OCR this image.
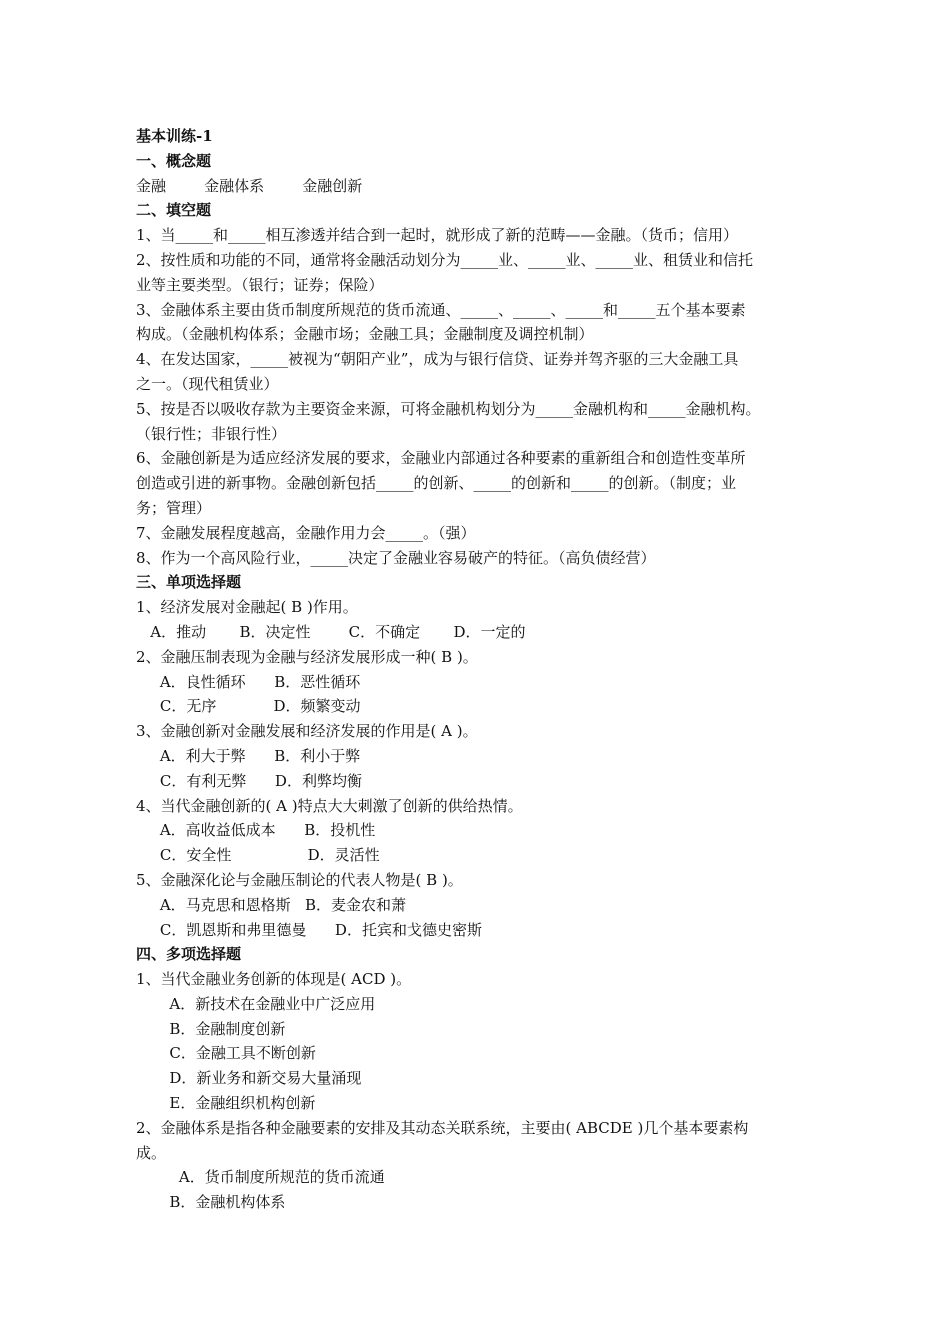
基本训练-1
一、概念题
金融        金融体系        金融创新
二、填空题
1、当_____和_____相互渗透并结合到一起时，就形成了新的范畴——金融。（货币；信用）
2、按性质和功能的不同，通常将金融活动划分为_____业、_____业、_____业、租赁业和信托
业等主要类型。（银行；证券；保险）
3、金融体系主要由货币制度所规范的货币流通、_____、_____、_____和_____五个基本要素
构成。（金融机构体系；金融市场；金融工具；金融制度及调控机制）
4、在发达国家，_____被视为“朝阳产业”，成为与银行信贷、证券并驾齐驱的三大金融工具
之一。（现代租赁业）
5、按是否以吸收存款为主要资金来源，可将金融机构划分为_____金融机构和_____金融机构。
（银行性；非银行性）
6、金融创新是为适应经济发展的要求，金融业内部通过各种要素的重新组合和创造性变革所
创造或引进的新事物。金融创新包括_____的创新、_____的创新和_____的创新。（制度；业
务；管理）
7、金融发展程度越高，金融作用力会_____。（强）
8、作为一个高风险行业，_____决定了金融业容易破产的特征。（高负债经营）
三、单项选择题
1、经济发展对金融起( B )作用。
A．推动       B．决定性        C．不确定       D．一定的
2、金融压制表现为金融与经济发展形成一种( B )。
A．良性循环      B．恶性循环
C．无序            D．频繁变动
3、金融创新对金融发展和经济发展的作用是( A )。
A．利大于弊      B．利小于弊
C．有利无弊      D．利弊均衡
4、当代金融创新的( A )特点大大刺激了创新的供给热情。
A．高收益低成本      B．投机性
C．安全性                D．灵活性
5、金融深化论与金融压制论的代表人物是( B )。
A．马克思和恩格斯   B．麦金农和萧
C．凯恩斯和弗里德曼      D．托宾和戈德史密斯
四、多项选择题
1、当代金融业务创新的体现是( ACD )。
A．新技术在金融业中广泛应用
B．金融制度创新
C．金融工具不断创新
D．新业务和新交易大量涌现
E．金融组织机构创新
2、金融体系是指各种金融要素的安排及其动态关联系统，主要由( ABCDE )几个基本要素构
成。
A．货币制度所规范的货币流通
B．金融机构体系
